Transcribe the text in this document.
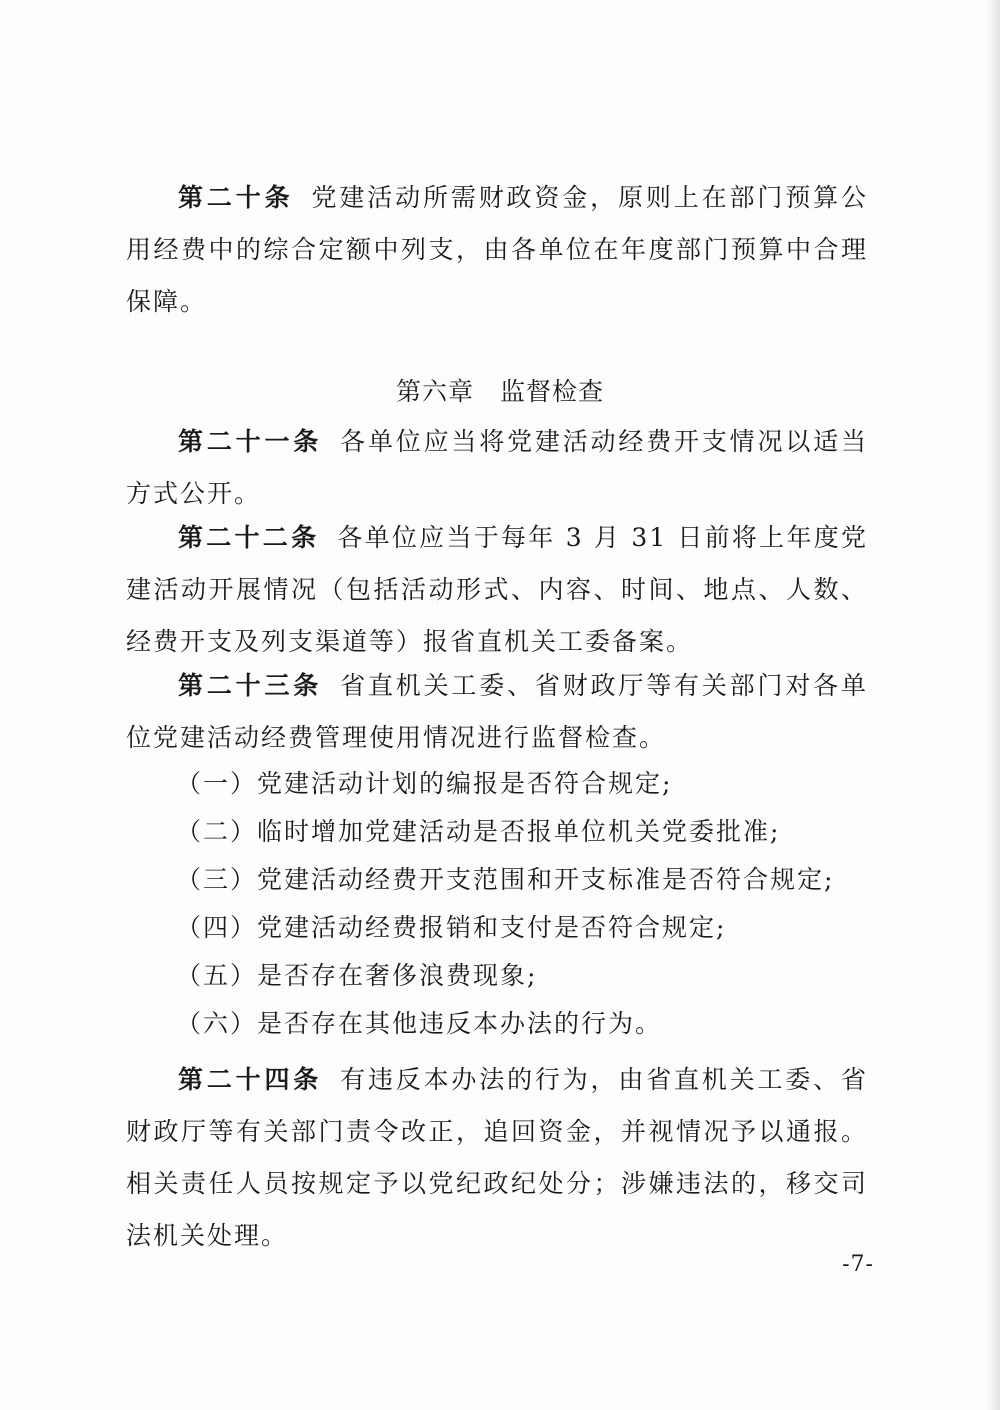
第二十条 党建活动所需财政资金，原则上在部门预算公用经费中的综合定额中列支，由各单位在年度部门预算中合理保障。

第六章 监督检查

第二十一条 各单位应当将党建活动经费开支情况以适当方式公开。

第二十二条 各单位应当于每年 3 月 31 日前将上年度党建活动开展情况（包括活动形式、内容、时间、地点、人数、经费开支及列支渠道等）报省直机关工委备案。

第二十三条 省直机关工委、省财政厅等有关部门对各单位党建活动经费管理使用情况进行监督检查。

（一）党建活动计划的编报是否符合规定;

（二）临时增加党建活动是否报单位机关党委批准;

（三）党建活动经费开支范围和开支标准是否符合规定;

（四）党建活动经费报销和支付是否符合规定;

（五）是否存在奢侈浪费现象;

（六）是否存在其他违反本办法的行为。

第二十四条 有违反本办法的行为，由省直机关工委、省财政厅等有关部门责令改正，追回资金，并视情况予以通报。相关责任人员按规定予以党纪政纪处分；涉嫌违法的，移交司法机关处理。

-7-
